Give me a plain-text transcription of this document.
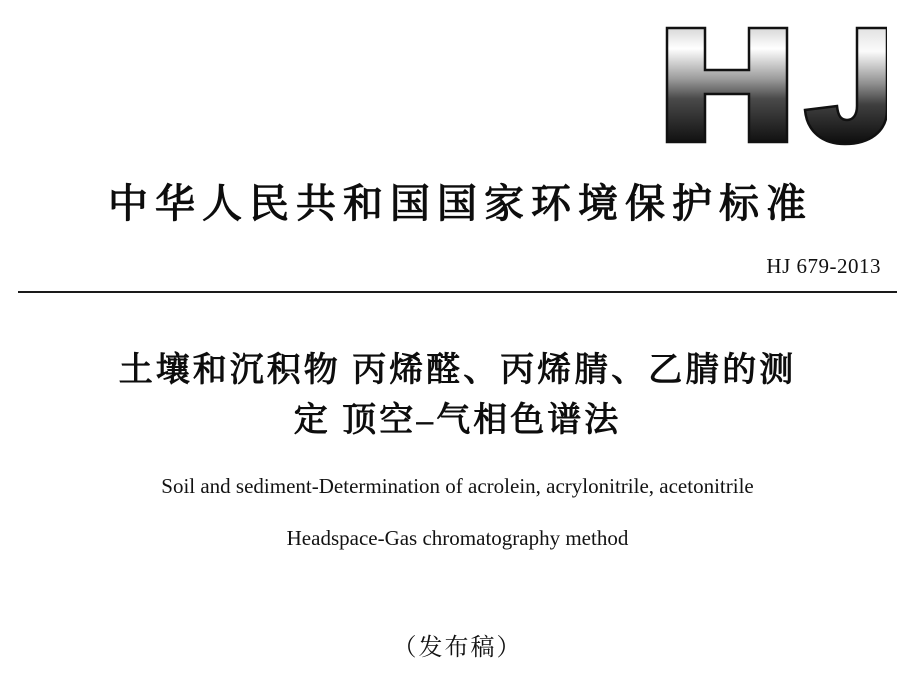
中华人民共和国国家环境保护标准
HJ 679-2013
土壤和沉积物 丙烯醛、丙烯腈、乙腈的测
定 顶空–气相色谱法
Soil and sediment-Determination of acrolein, acrylonitrile, acetonitrile
Headspace-Gas chromatography method
（发布稿）
